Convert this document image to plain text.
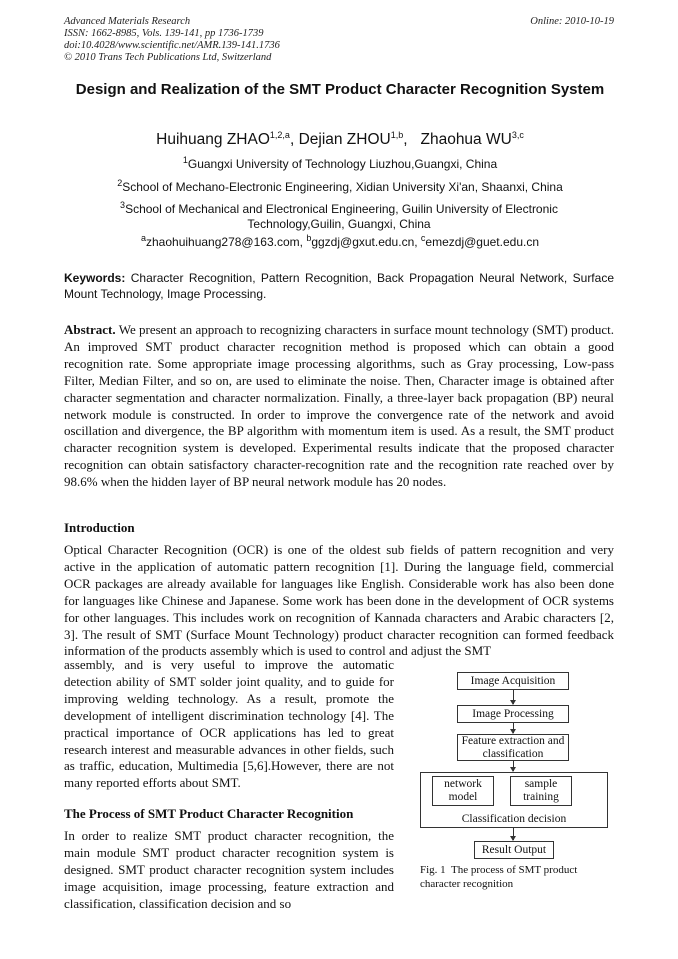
Advanced Materials Research
ISSN: 1662-8985, Vols. 139-141, pp 1736-1739
doi:10.4028/www.scientific.net/AMR.139-141.1736
© 2010 Trans Tech Publications Ltd, Switzerland
Online: 2010-10-19
Design and Realization of the SMT Product Character Recognition System
Huihuang ZHAO$^{1,2,a}$, Dejian ZHOU$^{1,b}$,   Zhaohua WU$^{3,c}$
$^1$Guangxi University of Technology Liuzhou,Guangxi, China
$^2$School of Mechano-Electronic Engineering, Xidian University Xi'an, Shaanxi, China
$^3$School of Mechanical and Electronical Engineering, Guilin University of Electronic Technology,Guilin, Guangxi, China
$^a$zhaohuihuang278@163.com, $^b$ggzdj@gxut.edu.cn, $^c$emezdj@guet.edu.cn
Keywords: Character Recognition, Pattern Recognition, Back Propagation Neural Network, Surface Mount Technology, Image Processing.
Abstract. We present an approach to recognizing characters in surface mount technology (SMT) product. An improved SMT product character recognition method is proposed which can obtain a good recognition rate. Some appropriate image processing algorithms, such as Gray processing, Low-pass Filter, Median Filter, and so on, are used to eliminate the noise. Then, Character image is obtained after character segmentation and character normalization. Finally, a three-layer back propagation (BP) neural network module is constructed. In order to improve the convergence rate of the network and avoid oscillation and divergence, the BP algorithm with momentum item is used. As a result, the SMT product character recognition system is developed. Experimental results indicate that the proposed character recognition can obtain satisfactory character-recognition rate and the recognition rate reached over by 98.6% when the hidden layer of BP neural network module has 20 nodes.
Introduction
Optical Character Recognition (OCR) is one of the oldest sub fields of pattern recognition and very active in the application of automatic pattern recognition [1]. During the language field, commercial OCR packages are already available for languages like English. Considerable work has also been done for languages like Chinese and Japanese. Some work has been done in the development of OCR systems for other languages. This includes work on recognition of Kannada characters and Arabic characters [2, 3]. The result of SMT (Surface Mount Technology) product character recognition can formed feedback information of the products assembly which is used to control and adjust the SMT
assembly, and is very useful to improve the automatic detection ability of SMT solder joint quality, and to guide for improving welding technology. As a result, promote the development of intelligent discrimination technology [4]. The practical importance of OCR applications has led to great research interest and measurable advances in other fields, such as traffic, education, Multimedia [5,6].However, there are not many reported efforts about SMT.
The Process of SMT Product Character Recognition
In order to realize SMT product character recognition, the main module SMT product character recognition system is designed. SMT product character recognition system includes image acquisition, image processing, feature extraction and classification, classification decision and so
Image Acquisition
Image Processing
Feature extraction and classification
network model
sample training
Classification decision
Result Output
Fig. 1 The process of SMT product character recognition
